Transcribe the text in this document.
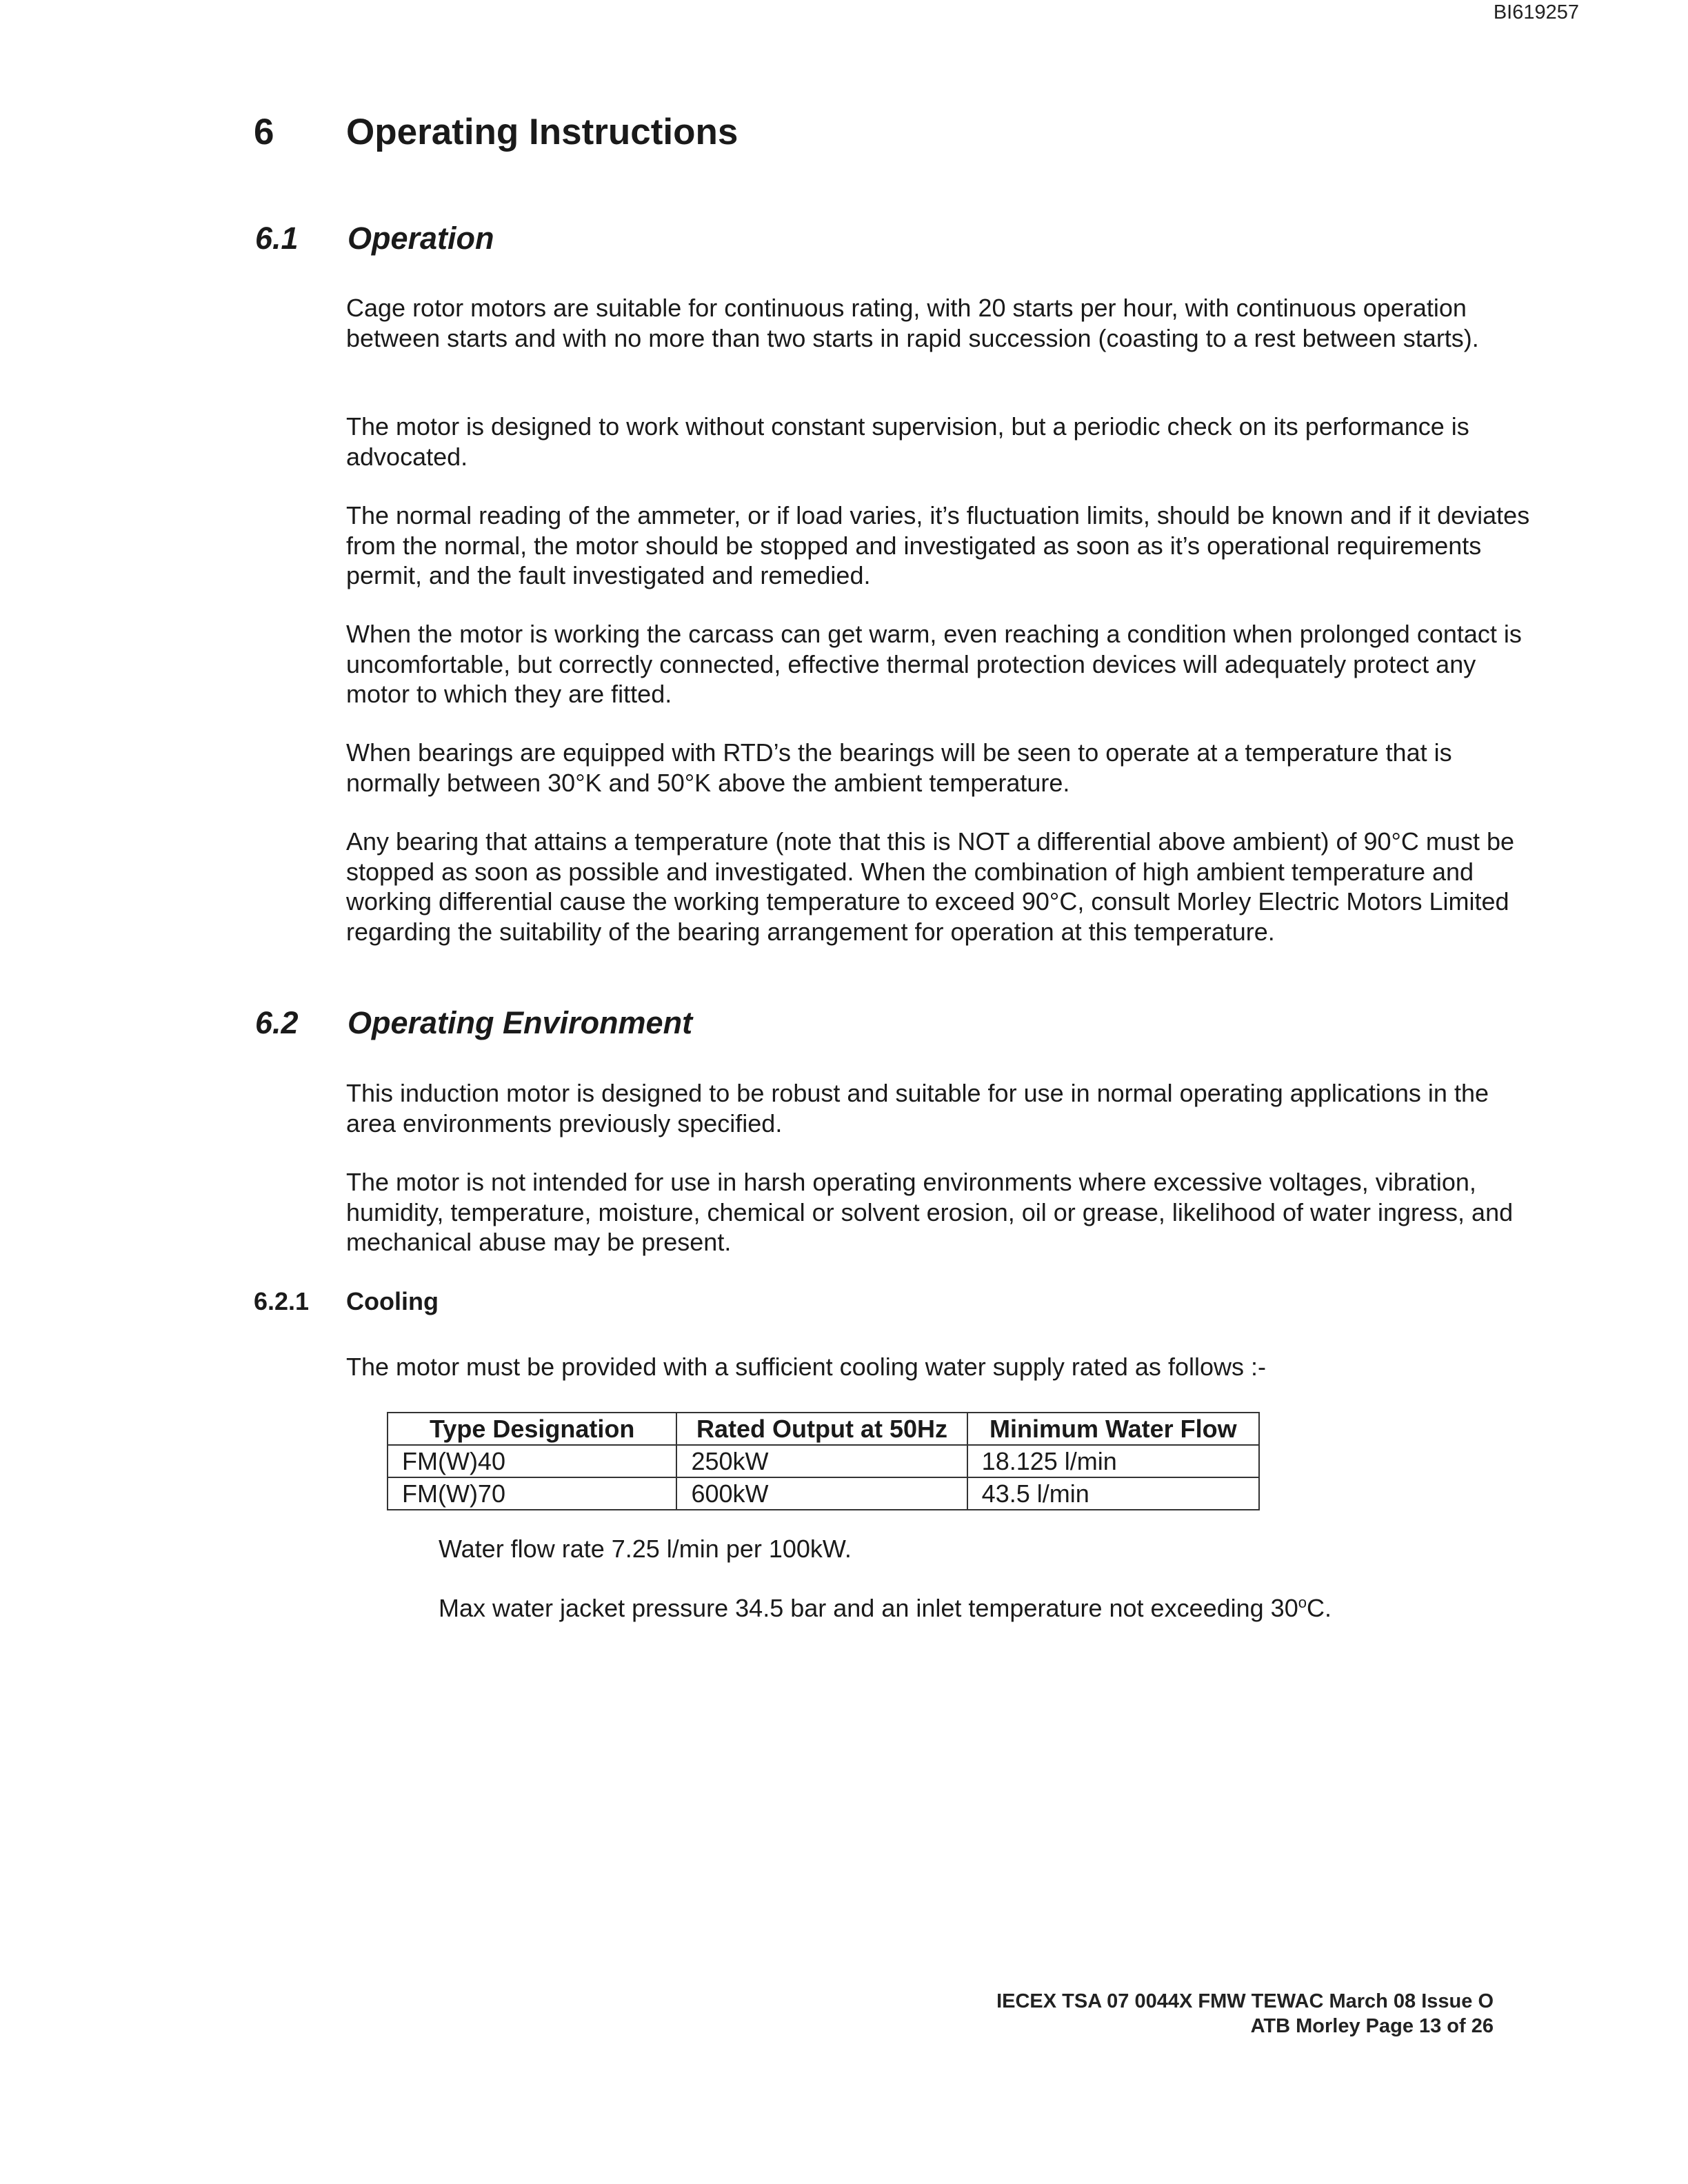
BI619257
6 Operating Instructions
6.1 Operation

Cage rotor motors are suitable for continuous rating, with 20 starts per hour, with continuous operation between starts and with no more than two starts in rapid succession (coasting to a rest between starts).

The motor is designed to work without constant supervision, but a periodic check on its performance is advocated.

The normal reading of the ammeter, or if load varies, it’s fluctuation limits, should be known and if it deviates from the normal, the motor should be stopped and investigated as soon as it’s operational requirements permit, and the fault investigated and remedied.

When the motor is working the carcass can get warm, even reaching a condition when prolonged contact is uncomfortable, but correctly connected, effective thermal protection devices will adequately protect any motor to which they are fitted.

When bearings are equipped with RTD’s the bearings will be seen to operate at a temperature that is normally between 30°K and 50°K above the ambient temperature.

Any bearing that attains a temperature (note that this is NOT a differential above ambient) of 90°C must be stopped as soon as possible and investigated. When the combination of high ambient temperature and working differential cause the working temperature to exceed 90°C, consult Morley Electric Motors Limited regarding the suitability of the bearing arrangement for operation at this temperature.

6.2 Operating Environment

This induction motor is designed to be robust and suitable for use in normal operating applications in the area environments previously specified.

The motor is not intended for use in harsh operating environments where excessive voltages, vibration, humidity, temperature, moisture, chemical or solvent erosion, oil or grease, likelihood of water ingress, and mechanical abuse may be present.

6.2.1 Cooling

The motor must be provided with a sufficient cooling water supply rated as follows :-

Type Designation	Rated Output at 50Hz	Minimum Water Flow
FM(W)40	250kW	18.125 l/min
FM(W)70	600kW	43.5 l/min
Water flow rate 7.25 l/min per 100kW.
Max water jacket pressure 34.5 bar and an inlet temperature not exceeding 30$^o$C.
IECEX TSA 07 0044X FMW TEWAC March 08 Issue O
ATB Morley Page 13 of 26
